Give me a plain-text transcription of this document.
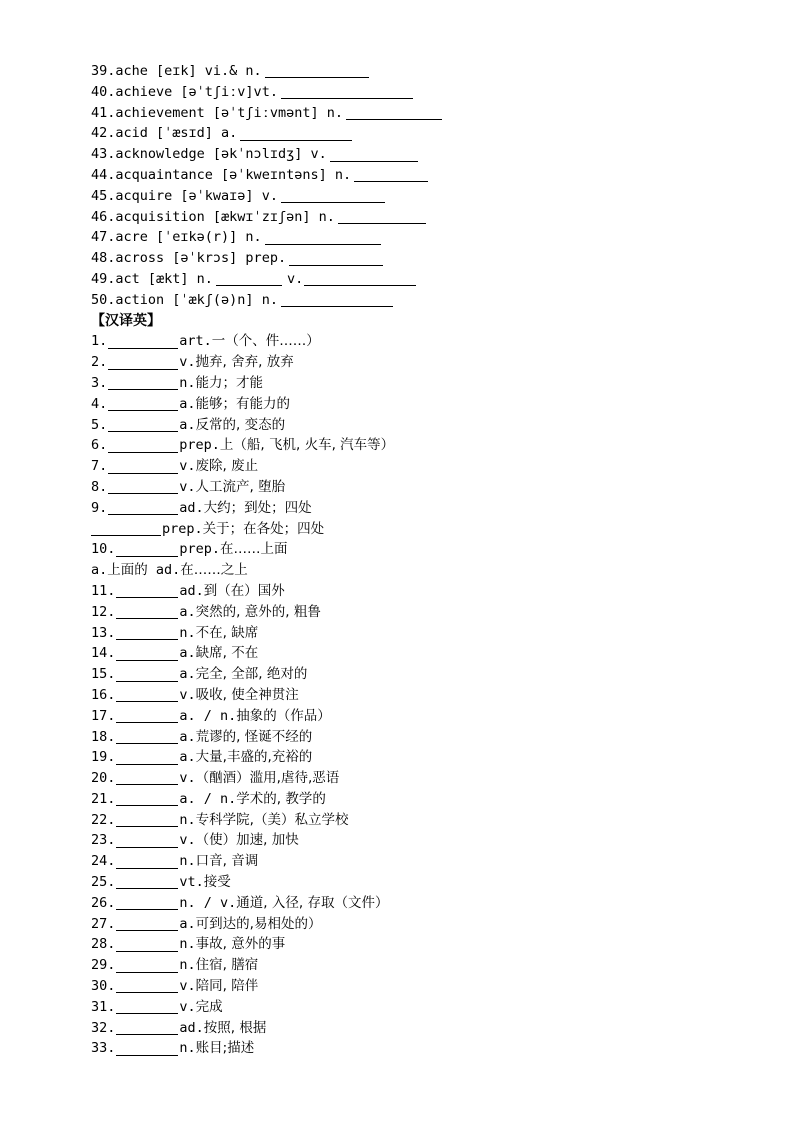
39. ache [eɪk] vi.& n.
40. achieve [əˈtʃiːv]vt.
41. achievement [əˈtʃiːvmənt] n.
42. acid [ˈæsɪd] a.
43. acknowledge [əkˈnɔlɪdʒ] v.
44. acquaintance [əˈkweɪntəns] n.
45. acquire [əˈkwaɪə] v.
46. acquisition [ækwɪˈzɪʃən] n.
47. acre [ˈeɪkə(r)] n.
48. across [əˈkrɔs] prep.
49. act [ækt] n.	v.
50. action [ˈækʃ(ə)n] n.
【汉译英】
1.	art. 一（个、件……）
2.	v. 抛弃, 舍弃, 放弃
3.	n. 能力；才能
4.	a. 能够；有能力的
5.	a. 反常的, 变态的
6.	prep. 上（船, 飞机, 火车, 汽车等）
7.	v. 废除, 废止
8.	v. 人工流产, 堕胎
9.	ad. 大约；到处；四处
prep. 关于；在各处；四处
10.	prep. 在……上面
a.上面的 ad. 在……之上
11.	ad. 到（在）国外
12.	a. 突然的, 意外的, 粗鲁
13.	n. 不在, 缺席
14.	a. 缺席, 不在
15.	a. 完全, 全部, 绝对的
16.	v. 吸收, 使全神贯注
17.	a. / n. 抽象的（作品）
18.	a. 荒谬的, 怪诞不经的
19.	a. 大量,丰盛的,充裕的
20.	v. （酗酒）滥用,虐待,恶语
21.	a. / n. 学术的, 教学的
22.	n. 专科学院,（美）私立学校
23.	v. （使）加速, 加快
24.	n. 口音, 音调
25.	vt. 接受
26.	n. / v. 通道, 入径, 存取（文件）
27.	a. 可到达的,易相处的）
28.	n. 事故, 意外的事
29.	n. 住宿, 膳宿
30.	v. 陪同, 陪伴
31.	v. 完成
32.	ad. 按照, 根据
33.	n. 账目;描述
